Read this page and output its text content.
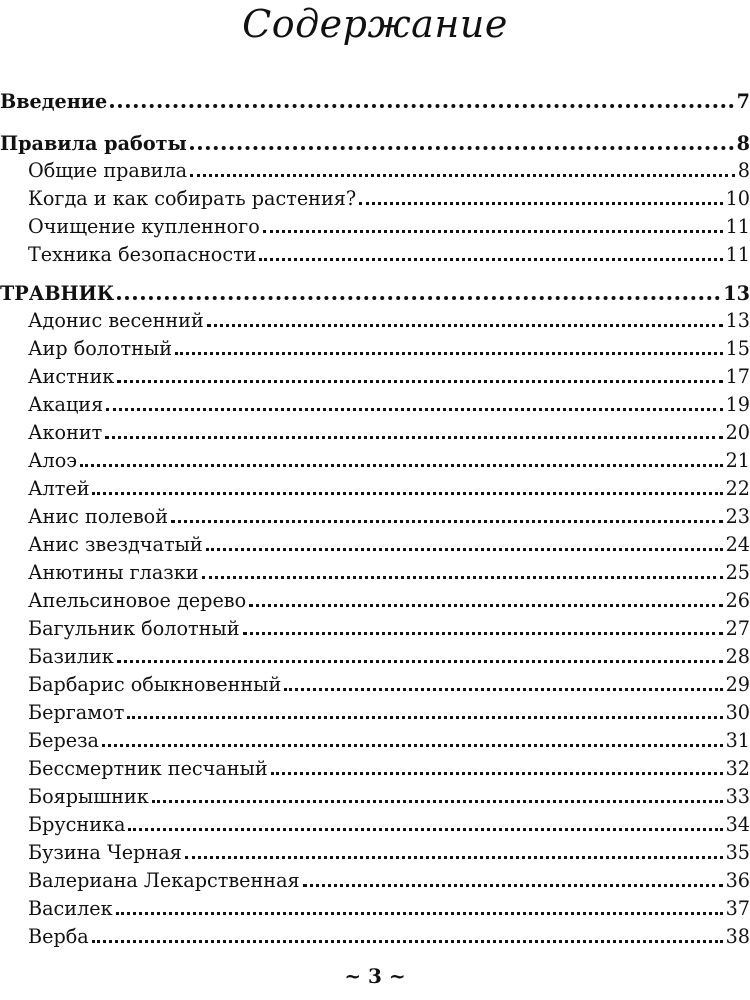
Содержание
Введение	7
Правила работы	8
Общие правила	8
Когда и как собирать растения?	10
Очищение купленного	11
Техника безопасности	11
ТРАВНИК	13
Адонис весенний	13
Аир болотный	15
Аистник	17
Акация	19
Аконит	20
Алоэ	21
Алтей	22
Анис полевой	23
Анис звездчатый	24
Анютины глазки	25
Апельсиновое дерево	26
Багульник болотный	27
Базилик	28
Барбарис обыкновенный	29
Бергамот	30
Береза	31
Бессмертник песчаный	32
Боярышник	33
Брусника	34
Бузина Черная	35
Валериана Лекарственная	36
Василек	37
Верба	38
~ 3 ~
